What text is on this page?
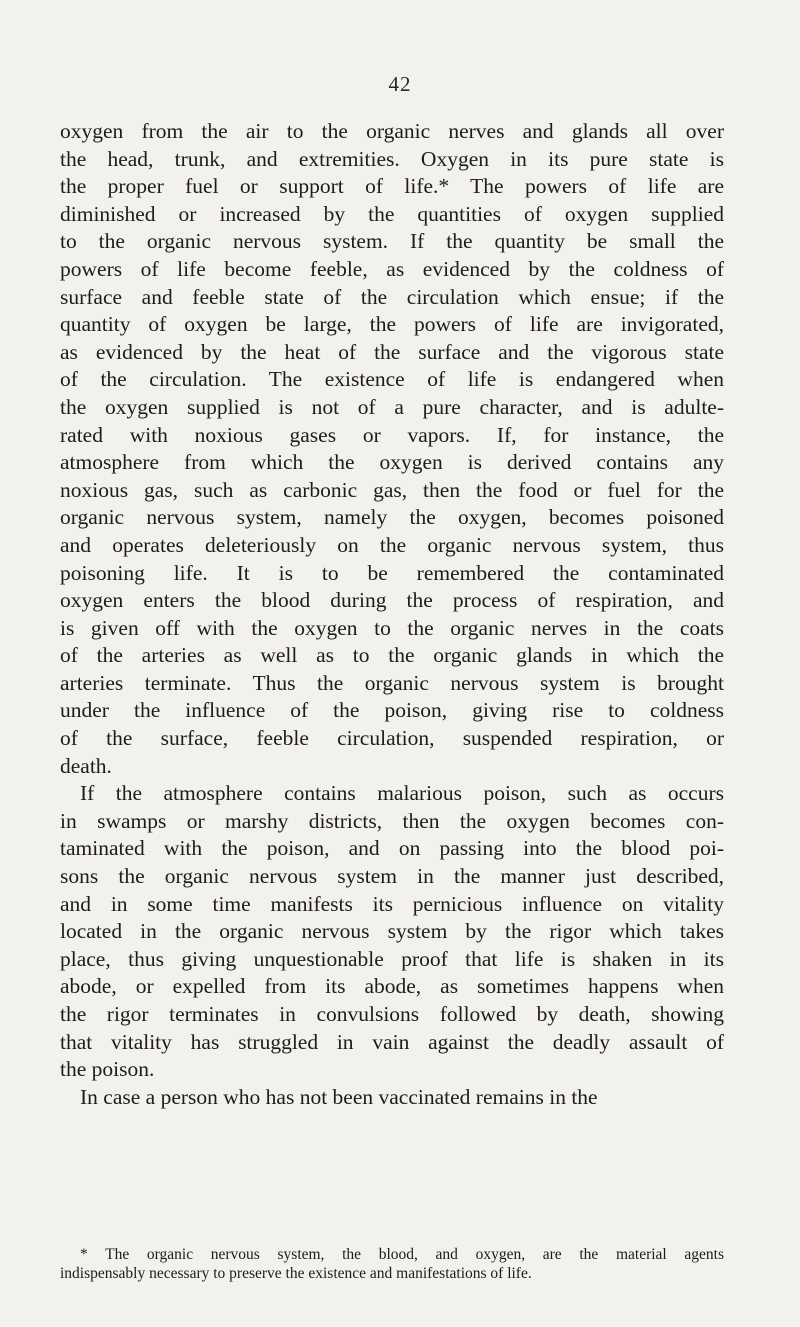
42
oxygen from the air to the organic nerves and glands all over
the head, trunk, and extremities. Oxygen in its pure state is
the proper fuel or support of life.* The powers of life are
diminished or increased by the quantities of oxygen supplied
to the organic nervous system. If the quantity be small the
powers of life become feeble, as evidenced by the coldness of
surface and feeble state of the circulation which ensue; if the
quantity of oxygen be large, the powers of life are invigorated,
as evidenced by the heat of the surface and the vigorous state
of the circulation. The existence of life is endangered when
the oxygen supplied is not of a pure character, and is adulte-
rated with noxious gases or vapors. If, for instance, the
atmosphere from which the oxygen is derived contains any
noxious gas, such as carbonic gas, then the food or fuel for the
organic nervous system, namely the oxygen, becomes poisoned
and operates deleteriously on the organic nervous system, thus
poisoning life. It is to be remembered the contaminated
oxygen enters the blood during the process of respiration, and
is given off with the oxygen to the organic nerves in the coats
of the arteries as well as to the organic glands in which the
arteries terminate. Thus the organic nervous system is brought
under the influence of the poison, giving rise to coldness
of the surface, feeble circulation, suspended respiration, or
death.
If the atmosphere contains malarious poison, such as occurs
in swamps or marshy districts, then the oxygen becomes con-
taminated with the poison, and on passing into the blood poi-
sons the organic nervous system in the manner just described,
and in some time manifests its pernicious influence on vitality
located in the organic nervous system by the rigor which takes
place, thus giving unquestionable proof that life is shaken in its
abode, or expelled from its abode, as sometimes happens when
the rigor terminates in convulsions followed by death, showing
that vitality has struggled in vain against the deadly assault of
the poison.
In case a person who has not been vaccinated remains in the
* The organic nervous system, the blood, and oxygen, are the material agents
indispensably necessary to preserve the existence and manifestations of life.
